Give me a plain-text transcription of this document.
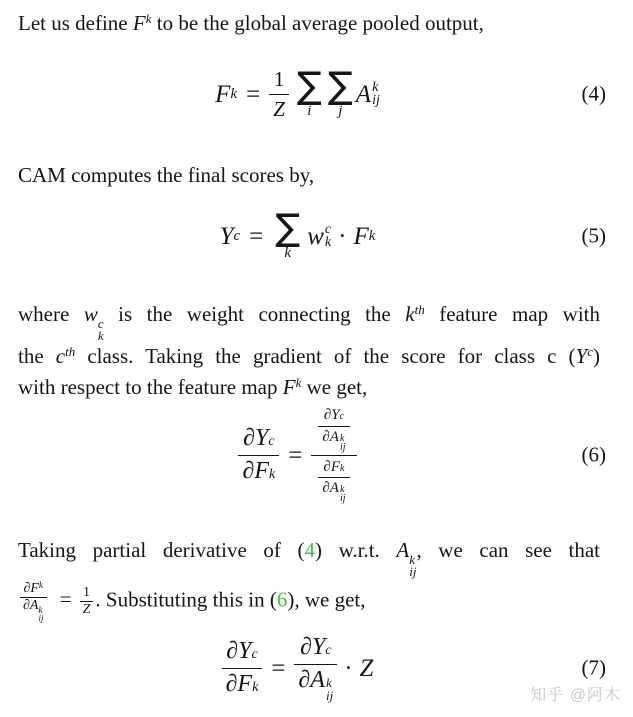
Let us define $F^k$ to be the global average pooled output,
F $k = \frac{1}{Z}$ ∑
i
∑
j
A k
ij	(4)
CAM computes the final scores by,
Y c = ∑
k
w c
k · F k	(5)
where w c
k
is the weight connecting the $k^{th}$ feature map with
the $c^{th}$ class. Taking the gradient of the score for class c $(Y^c)$
with respect to the feature map $F^k$ we get,
$\frac{\text{∂ Y c}}{\text{∂ F k}}$ = ∂ Y c
∂ A k
ij
∂ F k
∂ A k
ij	(6)
Taking partial derivative of (4) w.r.t. A k
ij
, we can see that
$\partial F^k$
∂A k
ij
= $\frac{1}{Z}$ . Substituting this in (6), we get,
$\frac{\text{∂ Y c}}{\text{∂ F k}}$ = ∂ Y c
∂ A k
ij · Z	(7)
知乎 @阿木
